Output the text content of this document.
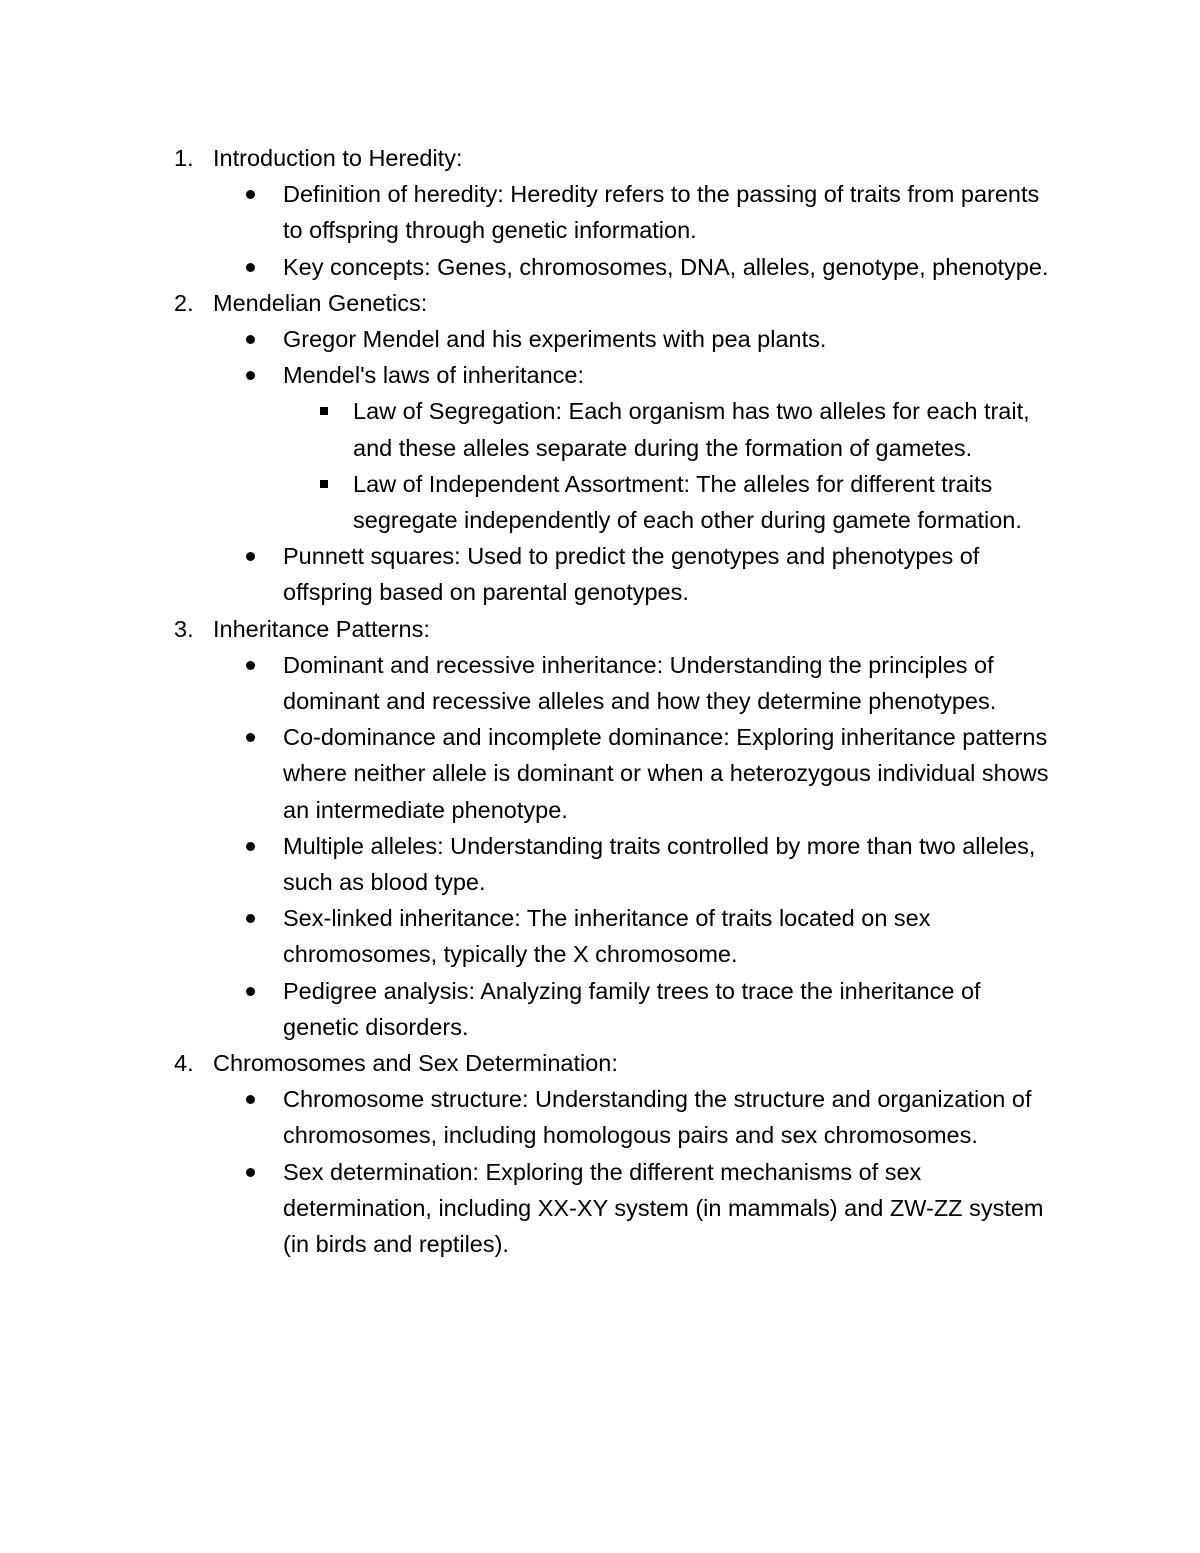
1. Introduction to Heredity:
Definition of heredity: Heredity refers to the passing of traits from parents to offspring through genetic information.
Key concepts: Genes, chromosomes, DNA, alleles, genotype, phenotype.
2. Mendelian Genetics:
Gregor Mendel and his experiments with pea plants.
Mendel's laws of inheritance:
Law of Segregation: Each organism has two alleles for each trait, and these alleles separate during the formation of gametes.
Law of Independent Assortment: The alleles for different traits segregate independently of each other during gamete formation.
Punnett squares: Used to predict the genotypes and phenotypes of offspring based on parental genotypes.
3. Inheritance Patterns:
Dominant and recessive inheritance: Understanding the principles of dominant and recessive alleles and how they determine phenotypes.
Co-dominance and incomplete dominance: Exploring inheritance patterns where neither allele is dominant or when a heterozygous individual shows an intermediate phenotype.
Multiple alleles: Understanding traits controlled by more than two alleles, such as blood type.
Sex-linked inheritance: The inheritance of traits located on sex chromosomes, typically the X chromosome.
Pedigree analysis: Analyzing family trees to trace the inheritance of genetic disorders.
4. Chromosomes and Sex Determination:
Chromosome structure: Understanding the structure and organization of chromosomes, including homologous pairs and sex chromosomes.
Sex determination: Exploring the different mechanisms of sex determination, including XX-XY system (in mammals) and ZW-ZZ system (in birds and reptiles).
